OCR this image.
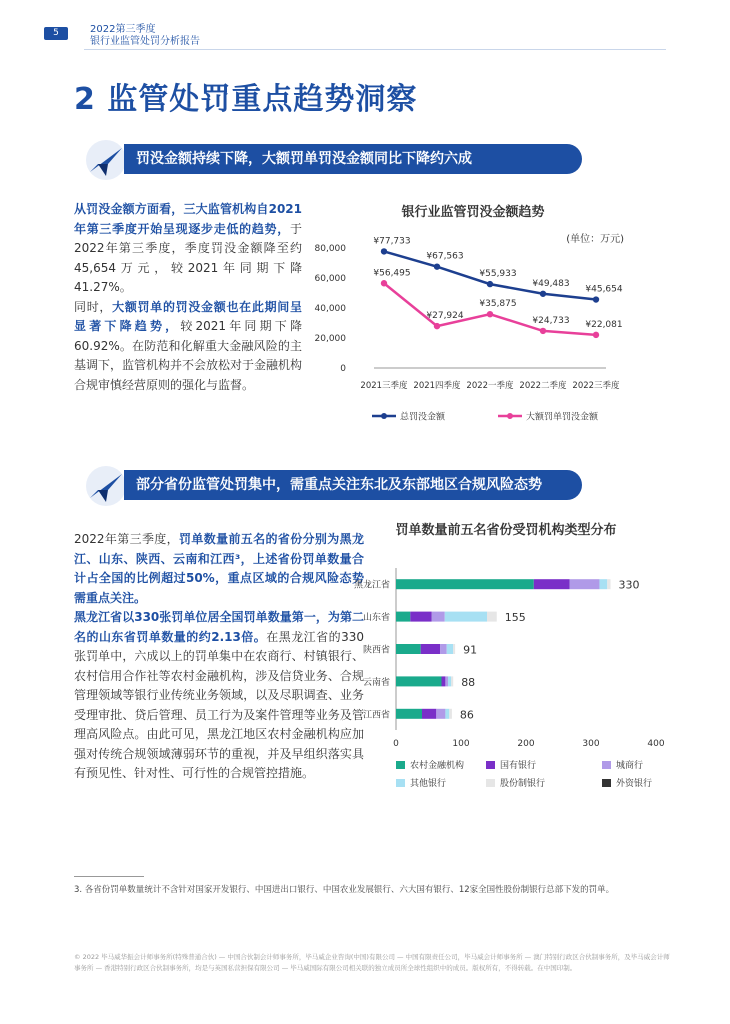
5	2022第三季度
银行业监管处罚分析报告
2 监管处罚重点趋势洞察
罚没金额持续下降，大额罚单罚没金额同比下降约六成
从罚没金额方面看，三大监管机构自2021年第三季度开始呈现逐步走低的趋势，于2022年第三季度，季度罚没金额降至约45,654万元，较2021年同期下降41.27%。
同时，大额罚单的罚没金额也在此期间呈显著下降趋势，较2021年同期下降60.92%。在防范和化解重大金融风险的主基调下，监管机构并不会放松对于金融机构合规审慎经营原则的强化与监督。
银行业监管罚没金额趋势
(单位：万元)
0
20,000
40,000
60,000
80,000
2021三季度 2021四季度 2022一季度 2022二季度 2022三季度
¥77,733
¥67,563
¥55,933
¥49,483
¥45,654
¥56,495
¥27,924
¥35,875
¥24,733 ¥22,081
总罚没金额	大额罚单罚没金额
部分省份监管处罚集中，需重点关注东北及东部地区合规风险态势
2022年第三季度，罚单数量前五名的省份分别为黑龙江、山东、陕西、云南和江西³，上述省份罚单数量合计占全国的比例超过50%，重点区域的合规风险态势需重点关注。
黑龙江省以330张罚单位居全国罚单数量第一，为第二名的山东省罚单数量的约2.13倍。在黑龙江省的330张罚单中，六成以上的罚单集中在农商行、村镇银行、农村信用合作社等农村金融机构，涉及信贷业务、合规管理领域等银行业传统业务领域，以及尽职调查、业务受理审批、贷后管理、员工行为及案件管理等业务及管理高风险点。由此可见，黑龙江地区农村金融机构应加强对传统合规领域薄弱环节的重视，并及早组织落实具有预见性、针对性、可行性的合规管控措施。
罚单数量前五名省份受罚机构类型分布
0	100	200	300	400
黑龙江省	330
山东省	155
陕西省	91
云南省	88
江西省	86
农村金融机构	国有银行	城商行
其他银行	股份制银行	外资银行
3. 各省份罚单数量统计不含针对国家开发银行、中国进出口银行、中国农业发展银行、六大国有银行、12家全国性股份制银行总部下发的罚单。
© 2022 毕马威华振会计师事务所(特殊普通合伙) — 中国合伙制会计师事务所，毕马威企业咨询(中国)有限公司 — 中国有限责任公司，毕马威会计师事务所 — 澳门特别行政区合伙制事务所，及毕马威会计师事务所 — 香港特别行政区合伙制事务所，均是与英国私营担保有限公司 — 毕马威国际有限公司相关联的独立成员所全球性组织中的成员。版权所有，不得转载。在中国印制。
